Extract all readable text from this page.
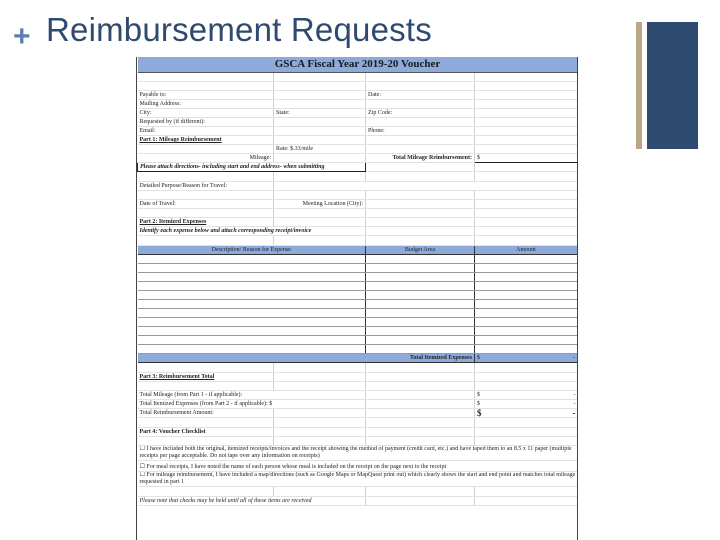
+ Reimbursement Requests
GSCA Fiscal Year 2019-20 Voucher			

Payable to:		Date:	
Mailing Address:			
City:	State:	Zip Code:	
Requested by (if different):			
Email:		Phone:	
Part 1: Mileage Reimbursement			
	Rate: $.33/mile		
Mileage:		Total Mileage Reimbursement:	$
Please attach directions- including start and end address- when submitting			

Detailed Purpose/Reason for Travel:			

Date of Travel:	Meeting Location (City):		

Part 2: Itemized Expenses			
Identify each expense below and attach corresponding receipt/invoice			

Description/ Reason for Expense		Budget Area	Amount

Total Itemized Expenses			$ -

Part 3: Reimbursement Total			

Total Mileage (from Part 1 - if applicable):			$ -

Total Itemized Expenses (from Part 2 - if applicable): $			$ -

Total Reimbursement Amount:			$ -

Part 4: Voucher Checklist			

☐ I have included both the original, itemized receipts/invoices and the receipt showing the method of payment (credit card, etc.) and have taped them to an 8.5 x 11 paper (multiple receipts per page acceptable. Do not tape over any information on receipts)			
☐ For meal receipts, I have noted the name of each person whose meal is included on the receipt on the page next to the receipt			
☐ For mileage reimbursement, I have included a map/directions (such as Google Maps or MapQuest print out) which clearly shows the start and end point and matches total mileage requested in part 1			

Please note that checks may be held until all of these items are received			
